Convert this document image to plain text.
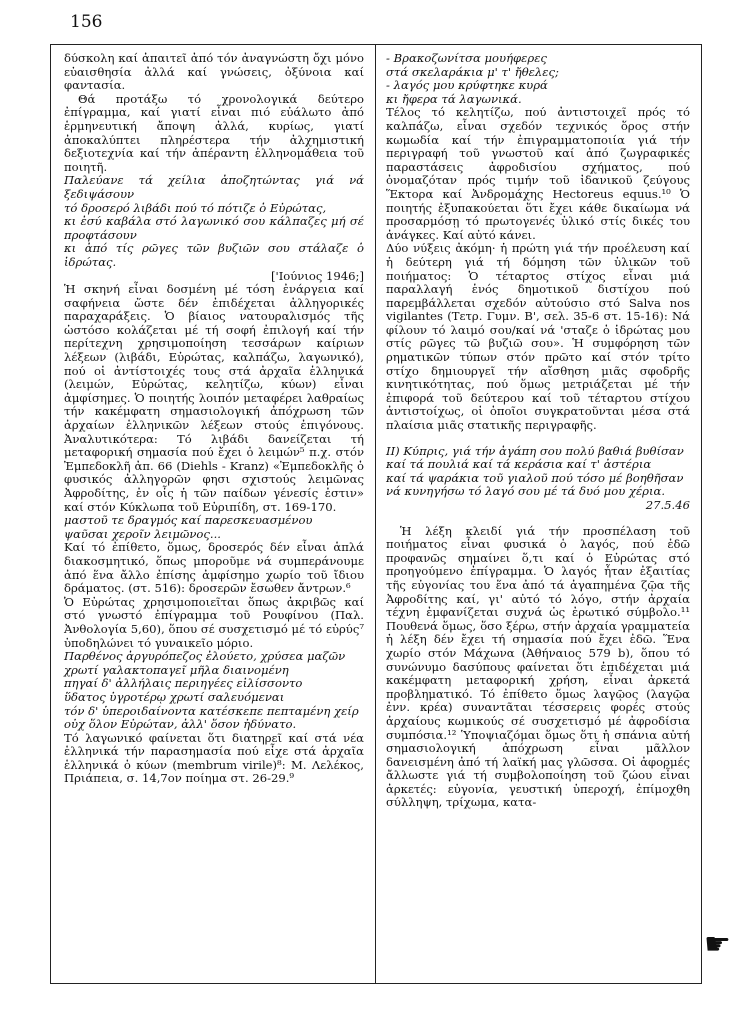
156

δύσκολη καί ἀπαιτεῖ ἀπό τόν ἀναγνώστη ὄχι μόνο εὐαισθησία ἀλλά καί γνώσεις, ὀξύνοια καί φαντασία.

Θά προτάξω τό χρονολογικά δεύτερο ἐπίγραμμα, καί γιατί εἶναι πιό εὐάλωτο ἀπό ἑρμηνευτική ἄποψη ἀλλά, κυρίως, γιατί ἀποκαλύπτει πληρέστερα τήν ἀλχημιστική δεξιοτεχνία καί τήν ἀπέραντη ἑλληνομάθεια τοῦ ποιητῆ.

Παλεύανε τά χείλια ἀποζητώντας γιά νά ξεδιψάσουν

τό δροσερό λιβάδι πού τό πότιζε ὁ Εὐρώτας,

κι ἐσύ καβάλα στό λαγωνικό σου κάλπαζες μή σέ προφτάσουν

κι ἀπό τίς ρῶγες τῶν βυζιῶν σου στάλαζε ὁ ἱδρώτας.

['Ιούνιος 1946;]

Ἡ σκηνή εἶναι δοσμένη μέ τόση ἐνάργεια καί σαφήνεια ὥστε δέν ἐπιδέχεται ἀλληγορικές παραχαράξεις. Ὁ βίαιος νατουραλισμός τῆς ὡστόσο κολάζεται μέ τή σοφή ἐπιλογή καί τήν περίτεχνη χρησιμοποίηση τεσσάρων καίριων λέξεων (λιβάδι, Εὐρώτας, καλπάζω, λαγωνικό), πού οἱ ἀντίστοιχές τους στά ἀρχαῖα ἑλληνικά (λειμών, Εὐρώτας, κελητίζω, κύων) εἶναι ἀμφίσημες. Ὁ ποιητής λοιπόν μεταφέρει λαθραίως τήν κακέμφατη σημασιολογική ἀπόχρωση τῶν ἀρχαίων ἑλληνικῶν λέξεων στούς ἐπιγόνους. Ἀναλυτικότερα: Τό λιβάδι δανείζεται τή μεταφορική σημασία πού ἔχει ὁ λειμών⁵ π.χ. στόν Ἐμπεδοκλῆ ἀπ. 66 (Diehls - Kranz) «Ἐμπεδοκλῆς ὁ φυσικός ἀλληγορῶν φησι σχιστούς λειμῶνας Ἀφροδίτης, ἐν οἷς ἡ τῶν παίδων γένεσίς ἐστιν» καί στόν Κύκλωπα τοῦ Εὐριπίδη, στ. 169-170.

μαστοῦ τε δραγμός καί παρεσκευασμένου

ψαῦσαι χεροῖν λειμῶνος...

Καί τό ἐπίθετο, ὅμως, δροσερός δέν εἶναι ἁπλά διακοσμητικό, ὅπως μποροῦμε νά συμπεράνουμε ἀπό ἕνα ἄλλο ἐπίσης ἀμφίσημο χωρίο τοῦ ἴδιου δράματος. (στ. 516): δροσερῶν ἔσωθεν ἄντρων.⁶

Ὁ Εὐρώτας χρησιμοποιεῖται ὅπως ἀκριβῶς καί στό γνωστό ἐπίγραμμα τοῦ Ρουφίνου (Παλ. Ἀνθολογία 5,60), ὅπου σέ συσχετισμό μέ τό εὐρύς⁷ ὑποδηλώνει τό γυναικεῖο μόριο.

Παρθένος ἀργυρόπεζος ἐλούετο, χρύσεα μαζῶν

χρωτί γαλακτοπαγεῖ μῆλα διαινομένη

πηγαί δ' ἀλλήλαις περιηγέες εἰλίσσοντο

ὕδατος ὑγροτέρῳ χρωτί σαλευόμεναι

τόν δ' ὑπεροιδαίνοντα κατέσκεπε πεπταμένη χείρ

οὐχ ὅλον Εὐρώταν, ἀλλ' ὅσον ἠδύνατο.

Τό λαγωνικό φαίνεται ὅτι διατηρεῖ καί στά νέα ἑλληνικά τήν παρασημασία πού εἶχε στά ἀρχαῖα ἑλληνικά ὁ κύων (membrum virile)⁸: Μ. Λελέκος, Πριάπεια, σ. 14,7ον ποίημα στ. 26-29.⁹

- Βρακοζωνίτσα μουήφερες

στά σκελαράκια μ' τ' ἤθελες;

- λαγός μου κρύφτηκε κυρά

κι ἤφερα τά λαγωνικά.

Τέλος τό κελητίζω, πού ἀντιστοιχεῖ πρός τό καλπάζω, εἶναι σχεδόν τεχνικός ὅρος στήν κωμωδία καί τήν ἐπιγραμματοποιία γιά τήν περιγραφή τοῦ γνωστοῦ καί ἀπό ζωγραφικές παραστάσεις ἀφροδισίου σχήματος, πού ὀνομαζόταν πρός τιμήν τοῦ ἰδανικοῦ ζεύγους Ἕκτορα καί Ἀνδρομάχης Hectoreus equus.¹⁰ Ὁ ποιητής ἐξυπακούεται ὅτι ἔχει κάθε δικαίωμα νά προσαρμόσῃ τό πρωτογενές ὑλικό στίς δικές του ἀνάγκες. Καί αὐτό κάνει.

Δύο νύξεις ἀκόμη· ἡ πρώτη γιά τήν προέλευση καί ἡ δεύτερη γιά τή δόμηση τῶν ὑλικῶν τοῦ ποιήματος: Ὁ τέταρτος στίχος εἶναι μιά παραλλαγή ἑνός δημοτικοῦ διστίχου πού παρεμβάλλεται σχεδόν αὐτούσιο στό Salva nos vigilantes (Τετρ. Γυμν. Β', σελ. 35-6 στ. 15-16): Νά φίλουν τό λαιμό σου/καί νά 'σταζε ὁ ἱδρώτας μου στίς ρῶγες τῶ βυζιῶ σου». Ἡ συμφόρηση τῶν ρηματικῶν τύπων στόν πρῶτο καί στόν τρίτο στίχο δημιουργεῖ τήν αἴσθηση μιᾶς σφοδρῆς κινητικότητας, πού ὅμως μετριάζεται μέ τήν ἐπιφορά τοῦ δεύτερου καί τοῦ τέταρτου στίχου ἀντιστοίχως, οἱ ὁποῖοι συγκρατοῦνται μέσα στά πλαίσια μιᾶς στατικῆς περιγραφῆς.

II) Κύπρις, γιά τήν ἀγάπη σου πολύ βαθιά βυθίσαν

καί τά πουλιά καί τά κεράσια καί τ' ἀστέρια

καί τά ψαράκια τοῦ γιαλοῦ πού τόσο μέ βοηθῆσαν

νά κυνηγήσω τό λαγό σου μέ τά δυό μου χέρια.

27.5.46

Ἡ λέξη κλειδί γιά τήν προσπέλαση τοῦ ποιήματος εἶναι φυσικά ὁ λαγός, πού ἐδῶ προφανῶς σημαίνει ὅ,τι καί ὁ Εὐρώτας στό προηγούμενο ἐπίγραμμα. Ὁ λαγός ἦταν ἐξαιτίας τῆς εὐγονίας του ἕνα ἀπό τά ἀγαπημένα ζῷα τῆς Ἀφροδίτης καί, γι' αὐτό τό λόγο, στήν ἀρχαία τέχνη ἐμφανίζεται συχνά ὡς ἐρωτικό σύμβολο.¹¹ Πουθενά ὅμως, ὅσο ξέρω, στήν ἀρχαία γραμματεία ἡ λέξη δέν ἔχει τή σημασία πού ἔχει ἐδῶ. Ἕνα χωρίο στόν Μάχωνα (Ἀθήναιος 579 b), ὅπου τό συνώνυμο δασύπους φαίνεται ὅτι ἐπιδέχεται μιά κακέμφατη μεταφορική χρήση, εἶναι ἀρκετά προβληματικό. Τό ἐπίθετο ὅμως λαγῷος (λαγῷα ἐνν. κρέα) συναντᾶται τέσσερεις φορές στούς ἀρχαίους κωμικούς σέ συσχετισμό μέ ἀφροδίσια συμπόσια.¹² Ὑποψιαζόμαι ὅμως ὅτι ἡ σπάνια αὐτή σημασιολογική ἀπόχρωση εἶναι μᾶλλον δανεισμένη ἀπό τή λαϊκή μας γλῶσσα. Οἱ ἀφορμές ἄλλωστε γιά τή συμβολοποίηση τοῦ ζώου εἶναι ἀρκετές: εὐγονία, γευστική ὑπεροχή, ἐπίμοχθη σύλληψη, τρίχωμα, κατα-

☛
